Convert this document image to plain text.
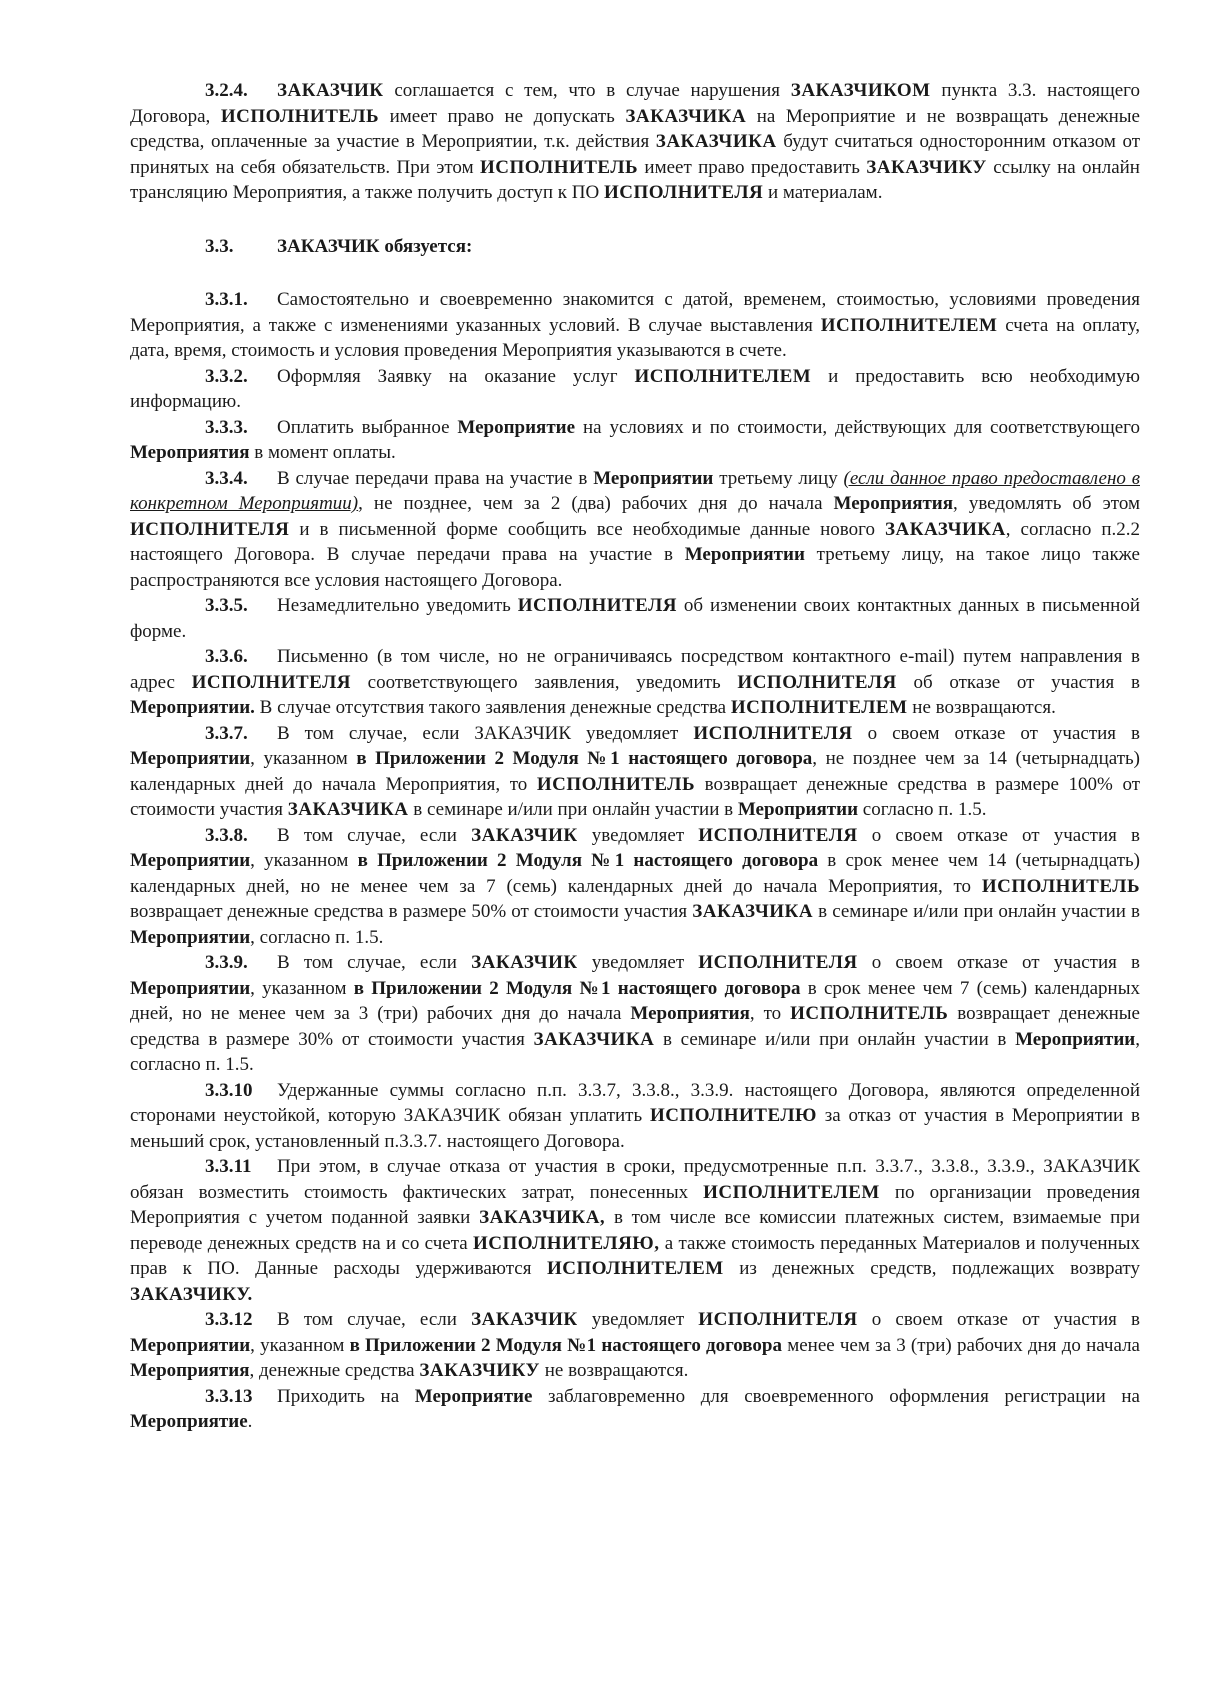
3.2.4. ЗАКАЗЧИК соглашается с тем, что в случае нарушения ЗАКАЗЧИКОМ пункта 3.3. настоящего Договора, ИСПОЛНИТЕЛЬ имеет право не допускать ЗАКАЗЧИКА на Мероприятие и не возвращать денежные средства, оплаченные за участие в Мероприятии, т.к. действия ЗАКАЗЧИКА будут считаться односторонним отказом от принятых на себя обязательств. При этом ИСПОЛНИТЕЛЬ имеет право предоставить ЗАКАЗЧИКУ ссылку на онлайн трансляцию Мероприятия, а также получить доступ к ПО ИСПОЛНИТЕЛЯ и материалам.

3.3. ЗАКАЗЧИК обязуется:

3.3.1. Самостоятельно и своевременно знакомится с датой, временем, стоимостью, условиями проведения Мероприятия, а также с изменениями указанных условий. В случае выставления ИСПОЛНИТЕЛЕМ счета на оплату, дата, время, стоимость и условия проведения Мероприятия указываются в счете.

3.3.2. Оформляя Заявку на оказание услуг ИСПОЛНИТЕЛЕМ и предоставить всю необходимую информацию.

3.3.3. Оплатить выбранное Мероприятие на условиях и по стоимости, действующих для соответствующего Мероприятия в момент оплаты.

3.3.4. В случае передачи права на участие в Мероприятии третьему лицу (если данное право предоставлено в конкретном Мероприятии), не позднее, чем за 2 (два) рабочих дня до начала Мероприятия, уведомлять об этом ИСПОЛНИТЕЛЯ и в письменной форме сообщить все необходимые данные нового ЗАКАЗЧИКА, согласно п.2.2 настоящего Договора. В случае передачи права на участие в Мероприятии третьему лицу, на такое лицо также распространяются все условия настоящего Договора.

3.3.5. Незамедлительно уведомить ИСПОЛНИТЕЛЯ об изменении своих контактных данных в письменной форме.

3.3.6. Письменно (в том числе, но не ограничиваясь посредством контактного e-mail) путем направления в адрес ИСПОЛНИТЕЛЯ соответствующего заявления, уведомить ИСПОЛНИТЕЛЯ об отказе от участия в Мероприятии. В случае отсутствия такого заявления денежные средства ИСПОЛНИТЕЛЕМ не возвращаются.

3.3.7. В том случае, если ЗАКАЗЧИК уведомляет ИСПОЛНИТЕЛЯ о своем отказе от участия в Мероприятии, указанном в Приложении 2 Модуля №1 настоящего договора, не позднее чем за 14 (четырнадцать) календарных дней до начала Мероприятия, то ИСПОЛНИТЕЛЬ возвращает денежные средства в размере 100% от стоимости участия ЗАКАЗЧИКА в семинаре и/или при онлайн участии в Мероприятии согласно п. 1.5.

3.3.8. В том случае, если ЗАКАЗЧИК уведомляет ИСПОЛНИТЕЛЯ о своем отказе от участия в Мероприятии, указанном в Приложении 2 Модуля №1 настоящего договора в срок менее чем 14 (четырнадцать) календарных дней, но не менее чем за 7 (семь) календарных дней до начала Мероприятия, то ИСПОЛНИТЕЛЬ возвращает денежные средства в размере 50% от стоимости участия ЗАКАЗЧИКА в семинаре и/или при онлайн участии в Мероприятии, согласно п. 1.5.

3.3.9. В том случае, если ЗАКАЗЧИК уведомляет ИСПОЛНИТЕЛЯ о своем отказе от участия в Мероприятии, указанном в Приложении 2 Модуля №1 настоящего договора в срок менее чем 7 (семь) календарных дней, но не менее чем за 3 (три) рабочих дня до начала Мероприятия, то ИСПОЛНИТЕЛЬ возвращает денежные средства в размере 30% от стоимости участия ЗАКАЗЧИКА в семинаре и/или при онлайн участии в Мероприятии, согласно п. 1.5.

3.3.10 Удержанные суммы согласно п.п. 3.3.7, 3.3.8., 3.3.9. настоящего Договора, являются определенной сторонами неустойкой, которую ЗАКАЗЧИК обязан уплатить ИСПОЛНИТЕЛЮ за отказ от участия в Мероприятии в меньший срок, установленный п.3.3.7. настоящего Договора.

3.3.11 При этом, в случае отказа от участия в сроки, предусмотренные п.п. 3.3.7., 3.3.8., 3.3.9., ЗАКАЗЧИК обязан возместить стоимость фактических затрат, понесенных ИСПОЛНИТЕЛЕМ по организации проведения Мероприятия с учетом поданной заявки ЗАКАЗЧИКА, в том числе все комиссии платежных систем, взимаемые при переводе денежных средств на и со счета ИСПОЛНИТЕЛЯЮ, а также стоимость переданных Материалов и полученных прав к ПО. Данные расходы удерживаются ИСПОЛНИТЕЛЕМ из денежных средств, подлежащих возврату ЗАКАЗЧИКУ.

3.3.12 В том случае, если ЗАКАЗЧИК уведомляет ИСПОЛНИТЕЛЯ о своем отказе от участия в Мероприятии, указанном в Приложении 2 Модуля №1 настоящего договора менее чем за 3 (три) рабочих дня до начала Мероприятия, денежные средства ЗАКАЗЧИКУ не возвращаются.

3.3.13 Приходить на Мероприятие заблаговременно для своевременного оформления регистрации на Мероприятие.
